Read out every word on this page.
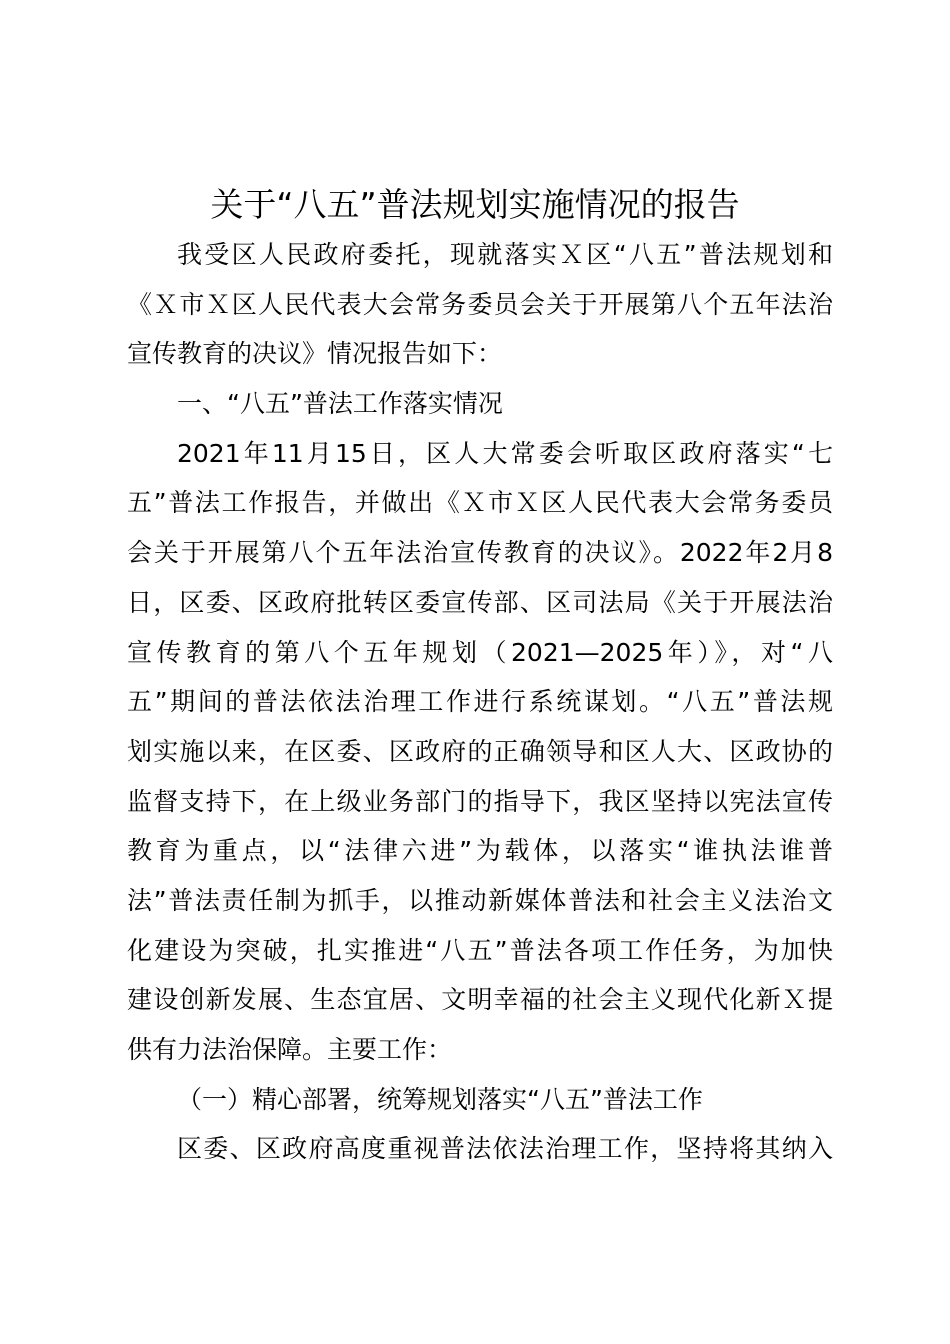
关于“八五”普法规划实施情况的报告
我受区人民政府委托，现就落实Ｘ区“八五”普法规划和
《Ｘ市Ｘ区人民代表大会常务委员会关于开展第八个五年法治
宣传教育的决议》情况报告如下：
一、“八五”普法工作落实情况
2021年11月15日，区人大常委会听取区政府落实“七
五”普法工作报告，并做出《Ｘ市Ｘ区人民代表大会常务委员
会关于开展第八个五年法治宣传教育的决议》。2022年2月8
日，区委、区政府批转区委宣传部、区司法局《关于开展法治
宣传教育的第八个五年规划（2021—2025年）》，对“八
五”期间的普法依法治理工作进行系统谋划。“八五”普法规
划实施以来，在区委、区政府的正确领导和区人大、区政协的
监督支持下，在上级业务部门的指导下，我区坚持以宪法宣传
教育为重点，以“法律六进”为载体，以落实“谁执法谁普
法”普法责任制为抓手，以推动新媒体普法和社会主义法治文
化建设为突破，扎实推进“八五”普法各项工作任务，为加快
建设创新发展、生态宜居、文明幸福的社会主义现代化新Ｘ提
供有力法治保障。主要工作：
（一）精心部署，统筹规划落实“八五”普法工作
区委、区政府高度重视普法依法治理工作，坚持将其纳入
